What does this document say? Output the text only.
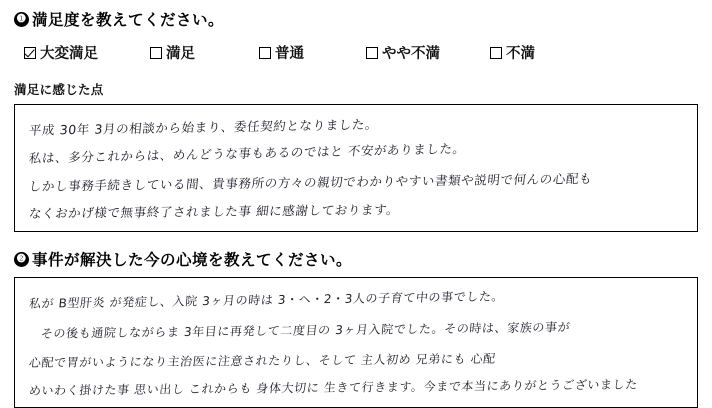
❶ 満足度を教えてください。
大変満足	満足	普通	やや不満	不満
満足に感じた点
平成 30年 3月の相談から始まり、委任契約となりました。
私は、多分これからは、めんどうな事もあるのではと 不安がありました。
しかし事務手続きしている間、貴事務所の方々の親切でわかりやすい書類や説明で何んの心配も
なくおかげ様で無事終了されました事 細に感謝しております。
❷ 事件が解決した今の心境を教えてください。
私が B型肝炎 が発症し、入院 3ヶ月の時は 3・ヘ・2・3人の子育て中の事でした。
その後も通院しながらま 3年目に再発して二度目の 3ヶ月入院でした。その時は、家族の事が
心配で胃がいようになり主治医に注意されたりし、そして 主人初め 兄弟にも 心配
めいわく掛けた事 思い出し これからも 身体大切に 生きて行きます。今まで本当にありがとうございました
